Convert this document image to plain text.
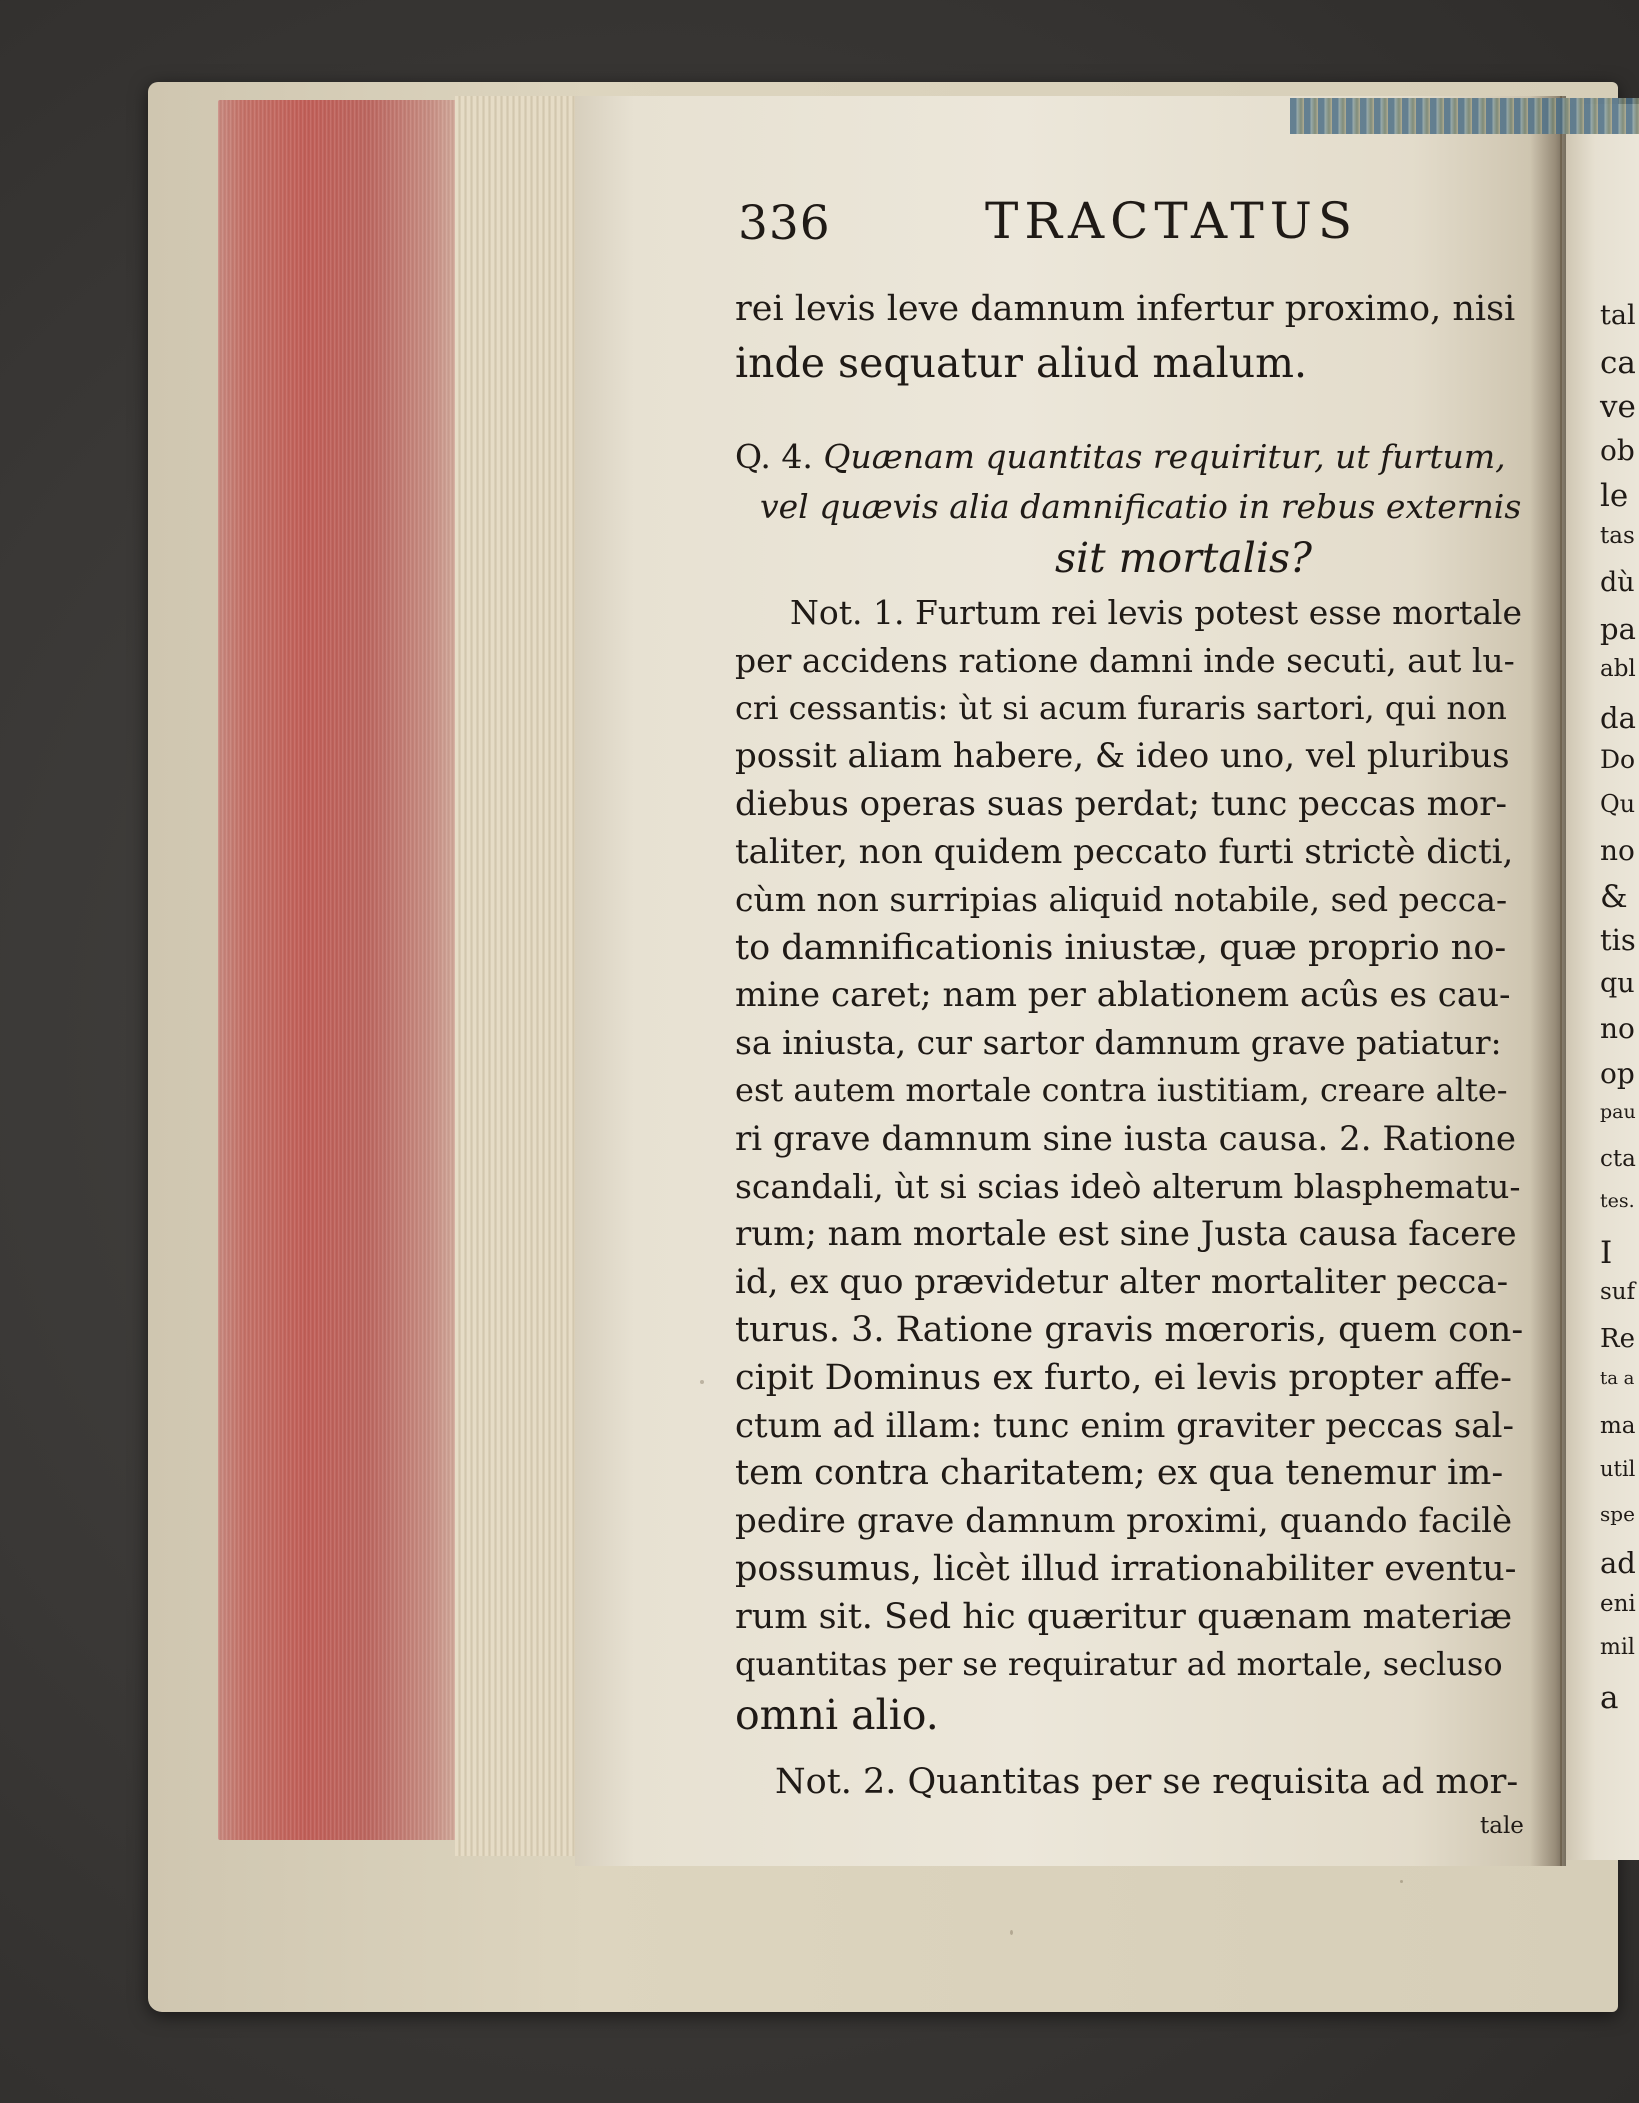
336	TRACTATUS
rei levis leve damnum infertur proximo, nisi
inde sequatur aliud malum.
Q. 4. Quænam quantitas requiritur, ut furtum,
vel quævis alia damnificatio in rebus externis
sit mortalis?
Not. 1. Furtum rei levis potest esse mortale
per accidens ratione damni inde secuti, aut lu-
cri cessantis: ùt si acum furaris sartori, qui non
possit aliam habere, & ideo uno, vel pluribus
diebus operas suas perdat; tunc peccas mor-
taliter, non quidem peccato furti strictè dicti,
cùm non surripias aliquid notabile, sed pecca-
to damnificationis iniustæ, quæ proprio no-
mine caret; nam per ablationem acûs es cau-
sa iniusta, cur sartor damnum grave patiatur:
est autem mortale contra iustitiam, creare alte-
ri grave damnum sine iusta causa. 2. Ratione
scandali, ùt si scias ideò alterum blasphematu-
rum; nam mortale est sine Justa causa facere
id, ex quo prævidetur alter mortaliter pecca-
turus. 3. Ratione gravis mœroris, quem con-
cipit Dominus ex furto, ei levis propter affe-
ctum ad illam: tunc enim graviter peccas sal-
tem contra charitatem; ex qua tenemur im-
pedire grave damnum proximi, quando facilè
possumus, licèt illud irrationabiliter eventu-
rum sit. Sed hic quæritur quænam materiæ
quantitas per se requiratur ad mortale, secluso
omni alio.
Not. 2. Quantitas per se requisita ad mor-
tale
tal
ca
ve
ob
le
tas
dù
pa
abl
da
Do
Qu
no
&
tis
qu
no
op
pau
cta
tes.
I
suf
Re
ta a
ma
util
spe
ad
eni
mil
a
